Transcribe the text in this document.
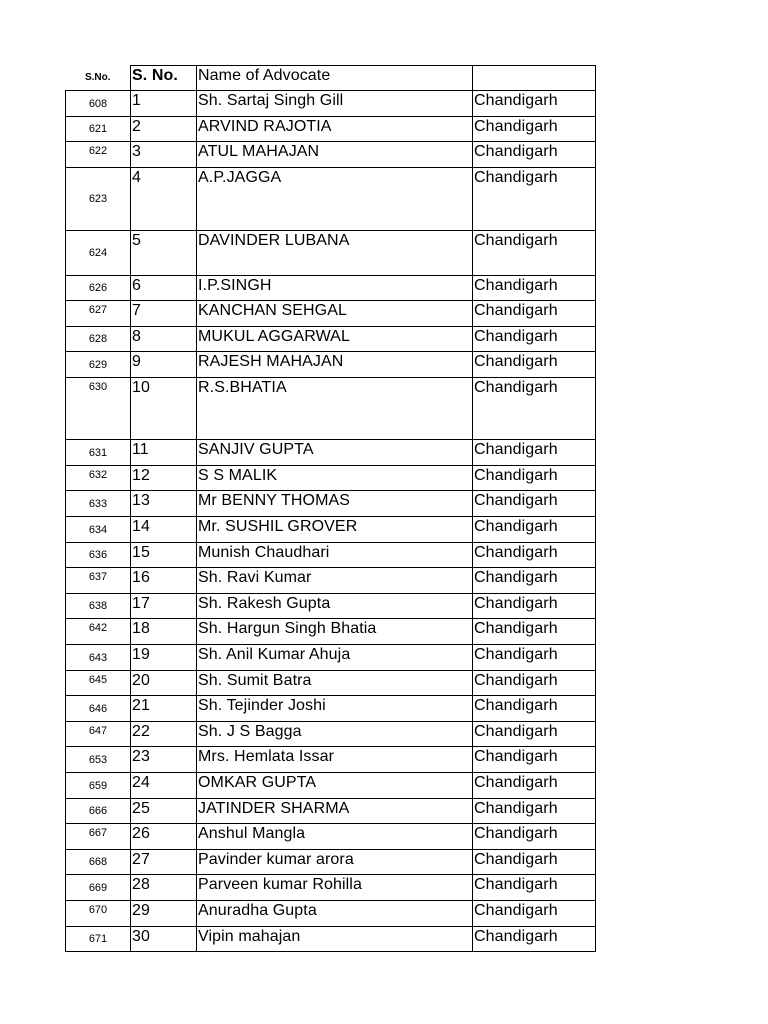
S.No.	S. No.	Name of Advocate	
608	1	Sh. Sartaj Singh Gill	Chandigarh
621	2	ARVIND RAJOTIA	Chandigarh
622	3	ATUL MAHAJAN	Chandigarh
623	4	A.P.JAGGA	Chandigarh
624	5	DAVINDER LUBANA	Chandigarh
626	6	I.P.SINGH	Chandigarh
627	7	KANCHAN SEHGAL	Chandigarh
628	8	MUKUL AGGARWAL	Chandigarh
629	9	RAJESH MAHAJAN	Chandigarh
630	10	R.S.BHATIA	Chandigarh
631	11	SANJIV GUPTA	Chandigarh
632	12	S S MALIK	Chandigarh
633	13	Mr BENNY THOMAS	Chandigarh
634	14	Mr. SUSHIL GROVER	Chandigarh
636	15	Munish Chaudhari	Chandigarh
637	16	Sh. Ravi Kumar	Chandigarh
638	17	Sh. Rakesh Gupta	Chandigarh
642	18	Sh. Hargun Singh Bhatia	Chandigarh
643	19	Sh. Anil Kumar Ahuja	Chandigarh
645	20	Sh. Sumit Batra	Chandigarh
646	21	Sh. Tejinder Joshi	Chandigarh
647	22	Sh. J S Bagga	Chandigarh
653	23	Mrs. Hemlata Issar	Chandigarh
659	24	OMKAR GUPTA	Chandigarh
666	25	JATINDER SHARMA	Chandigarh
667	26	Anshul Mangla	Chandigarh
668	27	Pavinder kumar arora	Chandigarh
669	28	Parveen kumar Rohilla	Chandigarh
670	29	Anuradha Gupta	Chandigarh
671	30	Vipin mahajan	Chandigarh
